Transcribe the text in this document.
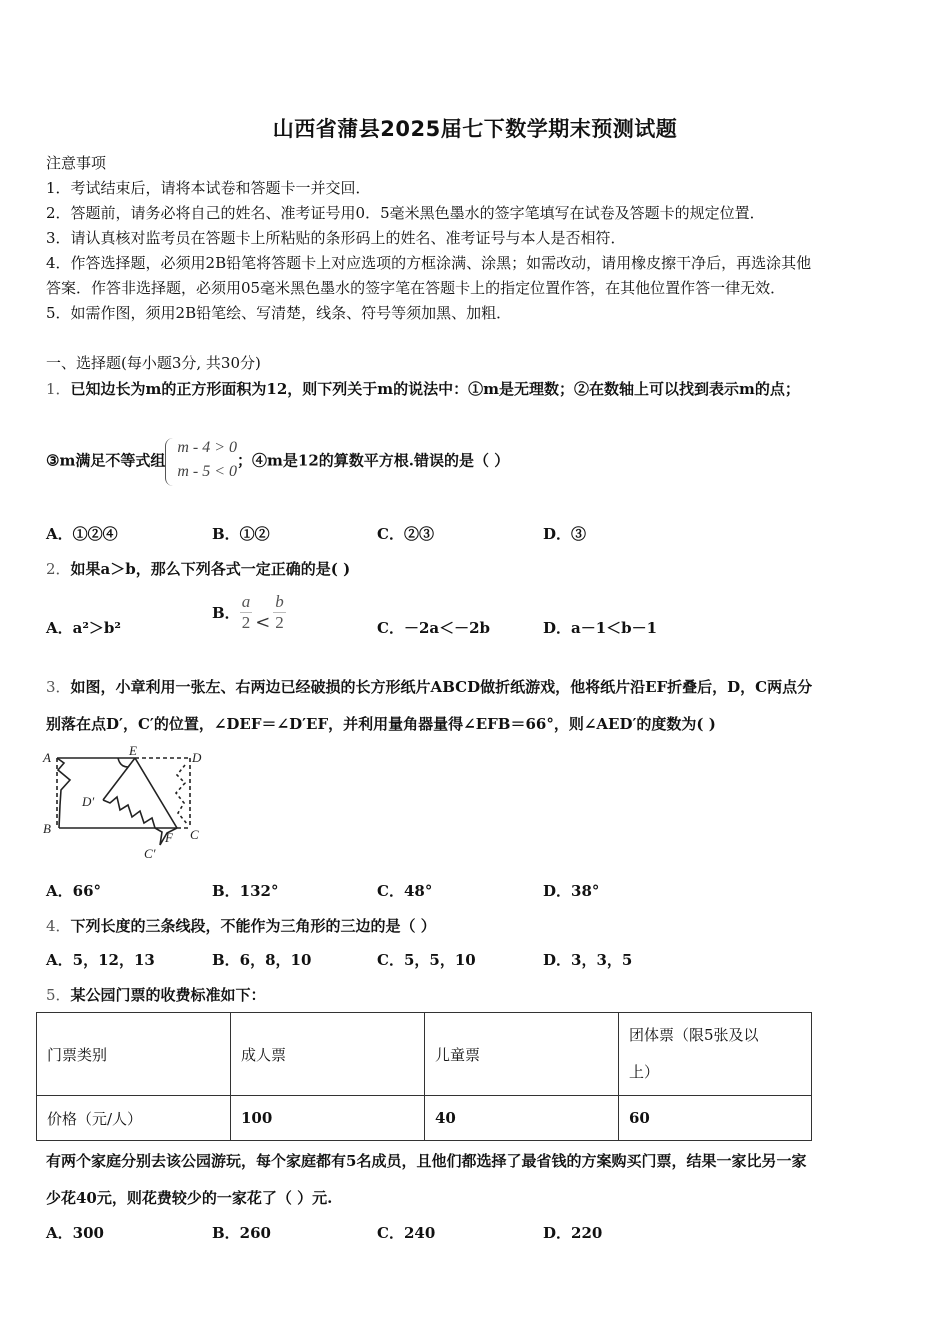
山西省蒲县2025届七下数学期末预测试题
注意事项
1．考试结束后，请将本试卷和答题卡一并交回．
2．答题前，请务必将自己的姓名、准考证号用0．5毫米黑色墨水的签字笔填写在试卷及答题卡的规定位置．
3．请认真核对监考员在答题卡上所粘贴的条形码上的姓名、准考证号与本人是否相符．
4．作答选择题，必须用2B铅笔将答题卡上对应选项的方框涂满、涂黑；如需改动，请用橡皮擦干净后，再选涂其他
答案．作答非选择题，必须用05毫米黑色墨水的签字笔在答题卡上的指定位置作答，在其他位置作答一律无效．
5．如需作图，须用2B铅笔绘、写清楚，线条、符号等须加黑、加粗．
一、选择题(每小题3分, 共30分)
1．已知边长为m的正方形面积为12，则下列关于m的说法中：①m是无理数；②在数轴上可以找到表示m的点；
③m满足不等式组
m - 4 > 0
m - 5 < 0
；④m是12的算数平方根.错误的是（ ）
A．①②④	B．①②	C．②③	D．③
2．如果a＞b，那么下列各式一定正确的是( )
A．a²＞b²
B． $\frac{a}{2} < \frac{b}{2}$	C．－2a＜－2b	D．a－1＜b－1
3．如图，小章利用一张左、右两边已经破损的长方形纸片ABCD做折纸游戏，他将纸片沿EF折叠后，D，C两点分
别落在点D′，C′的位置，∠DEF＝∠D′EF，并利用量角器量得∠EFB＝66°，则∠AED′的度数为( )
A	E	D
D′
B
F C
C′
A．66°	B．132°	C．48°	D．38°
4．下列长度的三条线段，不能作为三角形的三边的是（ ）
A．5，12，13	B．6，8，10	C．5，5，10	D．3，3，5
5．某公园门票的收费标准如下：
门票类别	成人票	儿童票	团体票（限5张及以
上）

价格（元/人）	100	40	60
有两个家庭分别去该公园游玩，每个家庭都有5名成员，且他们都选择了最省钱的方案购买门票，结果一家比另一家
少花40元，则花费较少的一家花了（ ）元.
A．300	B．260	C．240	D．220
